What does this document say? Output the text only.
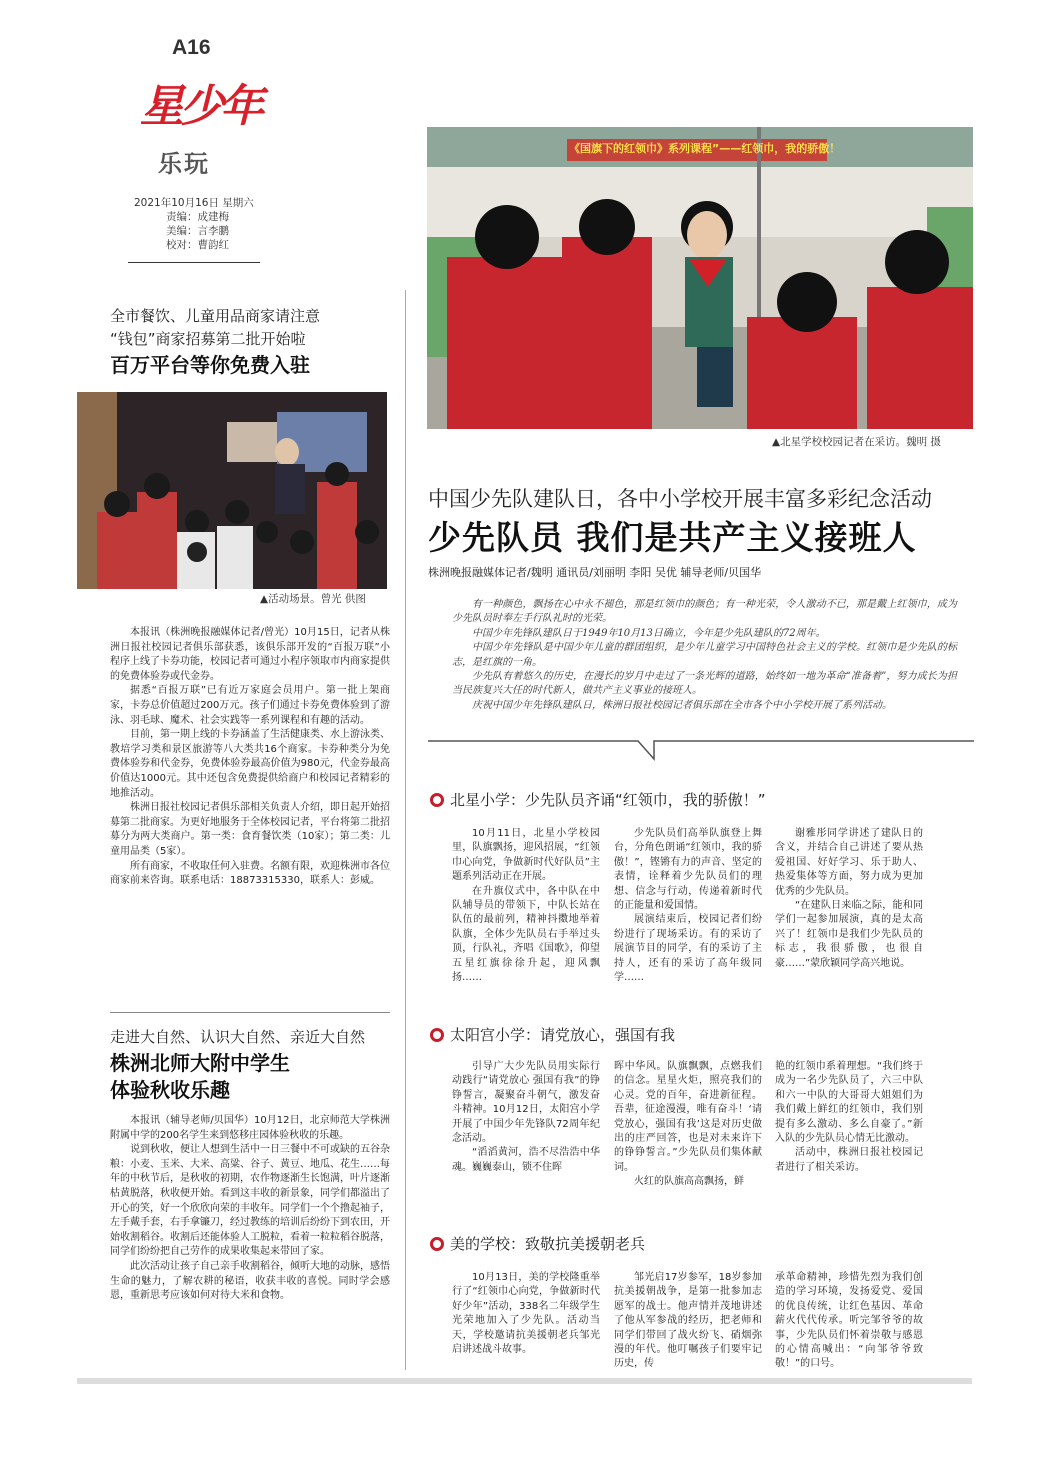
A16
星少年
乐玩
2021年10月16日 星期六
责编：成建梅
美编：言李鹏
校对：曹韵红
全市餐饮、儿童用品商家请注意
“钱包”商家招募第二批开始啦
百万平台等你免费入驻
▲活动场景。曾光 供图

本报讯（株洲晚报融媒体记者/曾光）10月15日，记者从株洲日报社校园记者俱乐部获悉，该俱乐部开发的“百报万联”小程序上线了卡券功能，校园记者可通过小程序领取市内商家提供的免费体验券或代金券。

据悉“百报万联”已有近万家庭会员用户。第一批上架商家，卡券总价值超过200万元。孩子们通过卡券免费体验到了游泳、羽毛球、魔术、社会实践等一系列课程和有趣的活动。

目前，第一期上线的卡券涵盖了生活健康类、水上游泳类、教培学习类和景区旅游等八大类共16个商家。卡券种类分为免费体验券和代金券，免费体验券最高价值为980元，代金券最高价值达1000元。其中还包含免费提供给商户和校园记者精彩的地推活动。

株洲日报社校园记者俱乐部相关负责人介绍，即日起开始招募第二批商家。为更好地服务于全体校园记者，平台将第二批招募分为两大类商户。第一类：食育餐饮类（10家）；第二类：儿童用品类（5家）。

所有商家，不收取任何入驻费。名额有限，欢迎株洲市各位商家前来咨询。联系电话：18873315330，联系人：彭威。

走进大自然、认识大自然、亲近大自然
株洲北师大附中学生
体验秋收乐趣

本报讯（辅导老师/贝国华）10月12日，北京师范大学株洲附属中学的200名学生来到悠移庄园体验秋收的乐趣。

说到秋收，便让人想到生活中一日三餐中不可或缺的五谷杂粮：小麦、玉米、大米、高粱、谷子、黄豆、地瓜、花生……每年的中秋节后，是秋收的初期，农作物逐渐生长饱满，叶片逐渐枯黄脱落，秋收便开始。看到这丰收的新景象，同学们都溢出了开心的笑，好一个欣欣向荣的丰收年。同学们一个个撸起袖子，左手戴手套，右手拿镰刀，经过教练的培训后纷纷下到农田，开始收割稻谷。收割后还能体验人工脱粒，看着一粒粒稻谷脱落，同学们纷纷把自己劳作的成果收集起来带回了家。

此次活动让孩子自己亲手收割稻谷，倾听大地的动脉，感悟生命的魅力，了解农耕的秘语，收获丰收的喜悦。同时学会感恩，重新思考应该如何对待大米和食物。

《国旗下的红领巾》系列课程”——红领巾，我的骄傲！
▲北星学校校园记者在采访。魏明 摄
中国少先队建队日，各中小学校开展丰富多彩纪念活动
少先队员 我们是共产主义接班人
株洲晚报融媒体记者/魏明 通讯员/刘丽明 李阳 吴优 辅导老师/贝国华

有一种颜色，飘扬在心中永不褪色，那是红领巾的颜色；有一种光荣，令人激动不已，那是戴上红领巾，成为少先队员时奉左手行队礼时的光荣。

中国少年先锋队建队日于1949年10月13日确立，今年是少先队建队的72周年。

中国少年先锋队是中国少年儿童的群团组织，是少年儿童学习中国特色社会主义的学校。红领巾是少先队的标志，是红旗的一角。

少先队有着悠久的历史，在漫长的岁月中走过了一条光辉的道路，始终如一地为革命“准备着”，努力成长为担当民族复兴大任的时代新人，做共产主义事业的接班人。

庆祝中国少年先锋队建队日，株洲日报社校园记者俱乐部在全市各个中小学校开展了系列活动。

北星小学：少先队员齐诵“红领巾，我的骄傲！”

10月11日，北星小学校园里，队旗飘扬，迎风招展，“红领巾心向党，争做新时代好队员”主题系列活动正在开展。

在升旗仪式中，各中队在中队辅导员的带领下，中队长站在队伍的最前列，精神抖擞地举着队旗，全体少先队员右手举过头顶，行队礼，齐唱《国歌》，仰望五星红旗徐徐升起，迎风飘扬……

少先队员们高举队旗登上舞台，分角色朗诵“红领巾，我的骄傲！”，铿锵有力的声音、坚定的表情，诠释着少先队员们的理想、信念与行动，传递着新时代的正能量和爱国情。

展演结束后，校园记者们纷纷进行了现场采访。有的采访了展演节目的同学，有的采访了主持人，还有的采访了高年级同学……

谢雅彤同学讲述了建队日的含义，并结合自己讲述了要从热爱祖国、好好学习、乐于助人、热爱集体等方面，努力成为更加优秀的少先队员。

“在建队日来临之际，能和同学们一起参加展演，真的是太高兴了！红领巾是我们少先队员的标志，我很骄傲，也很自豪……”蒙欣颖同学高兴地说。

太阳宫小学：请党放心，强国有我

引导广大少先队员用实际行动践行“请党放心 强国有我”的铮铮誓言，凝聚奋斗朝气，激发奋斗精神。10月12日，太阳宫小学开展了中国少年先锋队72周年纪念活动。

“滔滔黄河，浩不尽浩浩中华魂。巍巍泰山，锁不住晖

晖中华风。队旗飘飘，点燃我们的信念。星星火炬，照亮我们的心灵。党的百年，奋进新征程。吾辈，征途漫漫，唯有奋斗！‘请党放心，强国有我’这是对历史做出的庄严回答，也是对未来许下的铮铮誓言。”少先队员们集体献词。

火红的队旗高高飘扬，鲜

艳的红领巾系着理想。“我们终于成为一名少先队员了，六三中队和六一中队的大哥哥大姐姐们为我们戴上鲜红的红领巾，我们别提有多么激动、多么自豪了。”新入队的少先队员心情无比激动。

活动中，株洲日报社校园记者进行了相关采访。

美的学校：致敬抗美援朝老兵

10月13日，美的学校隆重举行了“红领巾心向党，争做新时代好少年”活动，338名二年级学生光荣地加入了少先队。活动当天，学校邀请抗美援朝老兵邹光启讲述战斗故事。

邹光启17岁参军，18岁参加抗美援朝战争，是第一批参加志愿军的战士。他声情并茂地讲述了他从军参战的经历，把老师和同学们带回了战火纷飞、硝烟弥漫的年代。他叮嘱孩子们要牢记历史，传

承革命精神，珍惜先烈为我们创造的学习环境，发扬爱党、爱国的优良传统，让红色基因、革命薪火代代传承。听完邹爷爷的故事，少先队员们怀着崇敬与感恩的心情高喊出：“向邹爷爷致敬！”的口号。
